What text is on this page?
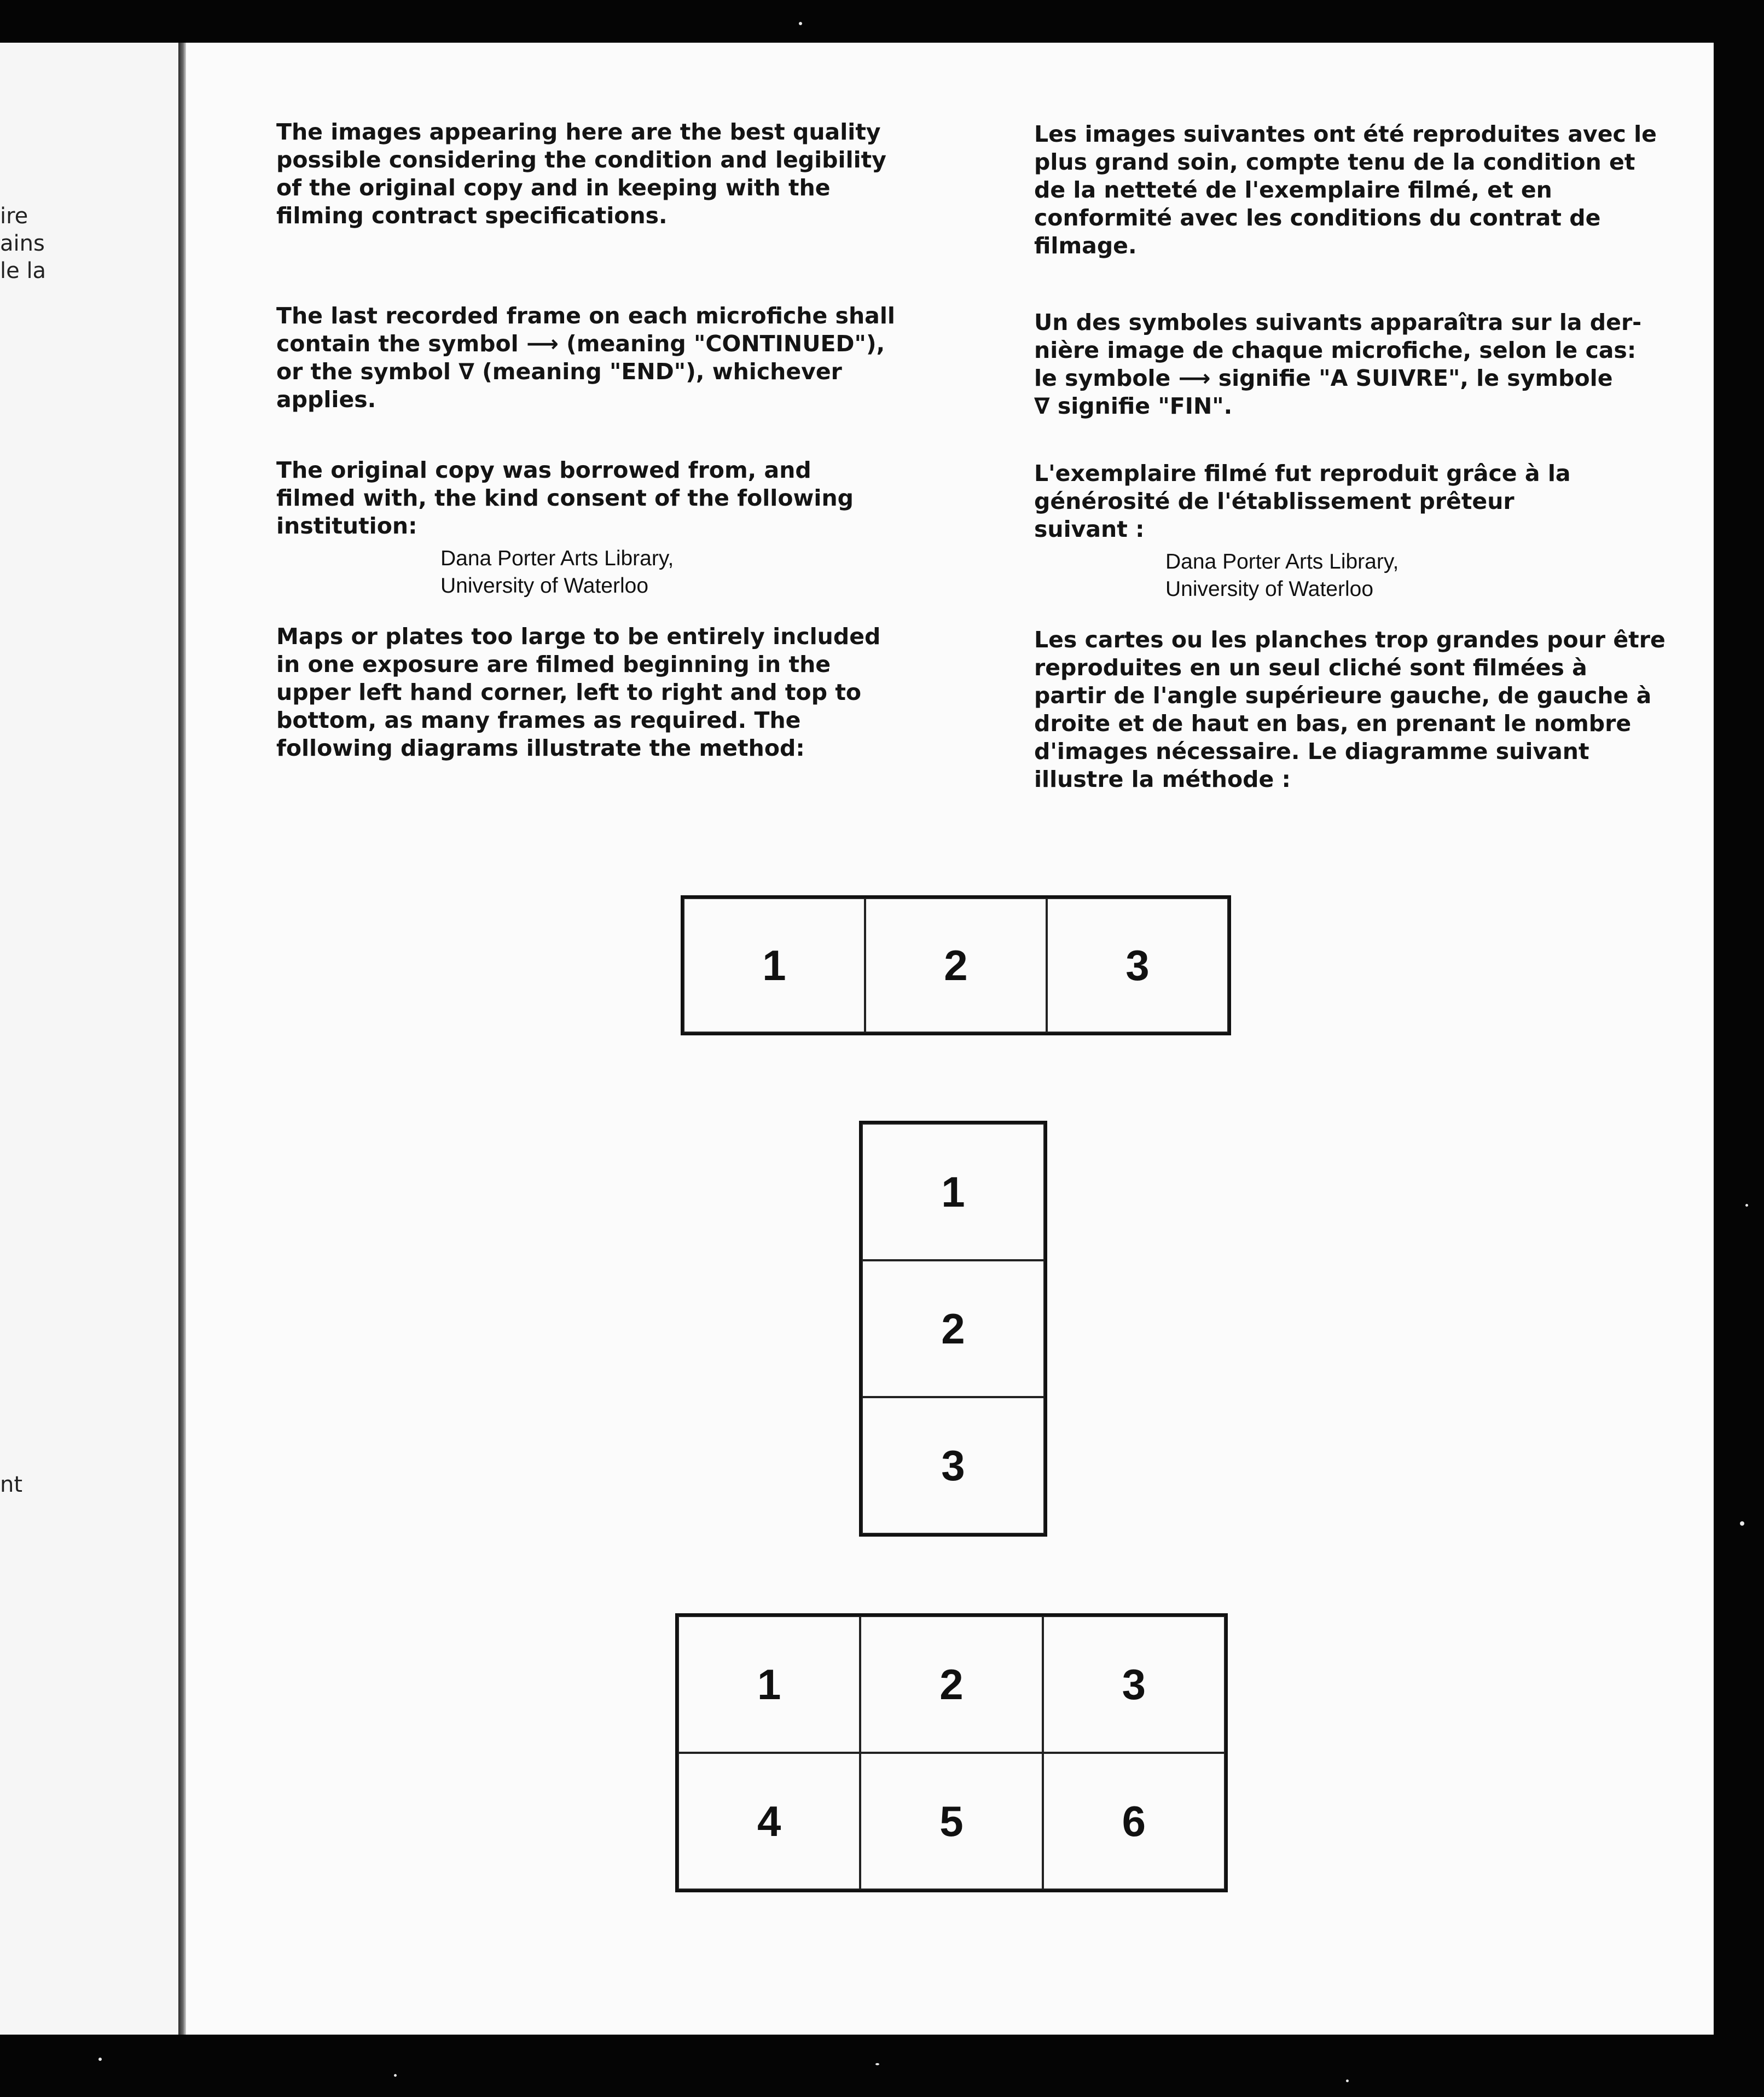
ire
ains
le la
nt

The images appearing here are the best quality
possible considering the condition and legibility
of the original copy and in keeping with the
filming contract specifications.

The last recorded frame on each microfiche shall
contain the symbol ⟶ (meaning "CONTINUED"),
or the symbol ∇ (meaning "END"), whichever
applies.

The original copy was borrowed from, and
filmed with, the kind consent of the following
institution:

Dana Porter Arts Library,
University of Waterloo

Maps or plates too large to be entirely included
in one exposure are filmed beginning in the
upper left hand corner, left to right and top to
bottom, as many frames as required. The
following diagrams illustrate the method:

Les images suivantes ont été reproduites avec le
plus grand soin, compte tenu de la condition et
de la netteté de l'exemplaire filmé, et en
conformité avec les conditions du contrat de
filmage.

Un des symboles suivants apparaîtra sur la der-
nière image de chaque microfiche, selon le cas:
le symbole ⟶ signifie "A SUIVRE", le symbole
∇ signifie "FIN".

L'exemplaire filmé fut reproduit grâce à la
générosité de l'établissement prêteur
suivant :

Dana Porter Arts Library,
University of Waterloo

Les cartes ou les planches trop grandes pour être
reproduites en un seul cliché sont filmées à
partir de l'angle supérieure gauche, de gauche à
droite et de haut en bas, en prenant le nombre
d'images nécessaire. Le diagramme suivant
illustre la méthode :

1	2	3
1
2
3
1	2	3
4	5	6
